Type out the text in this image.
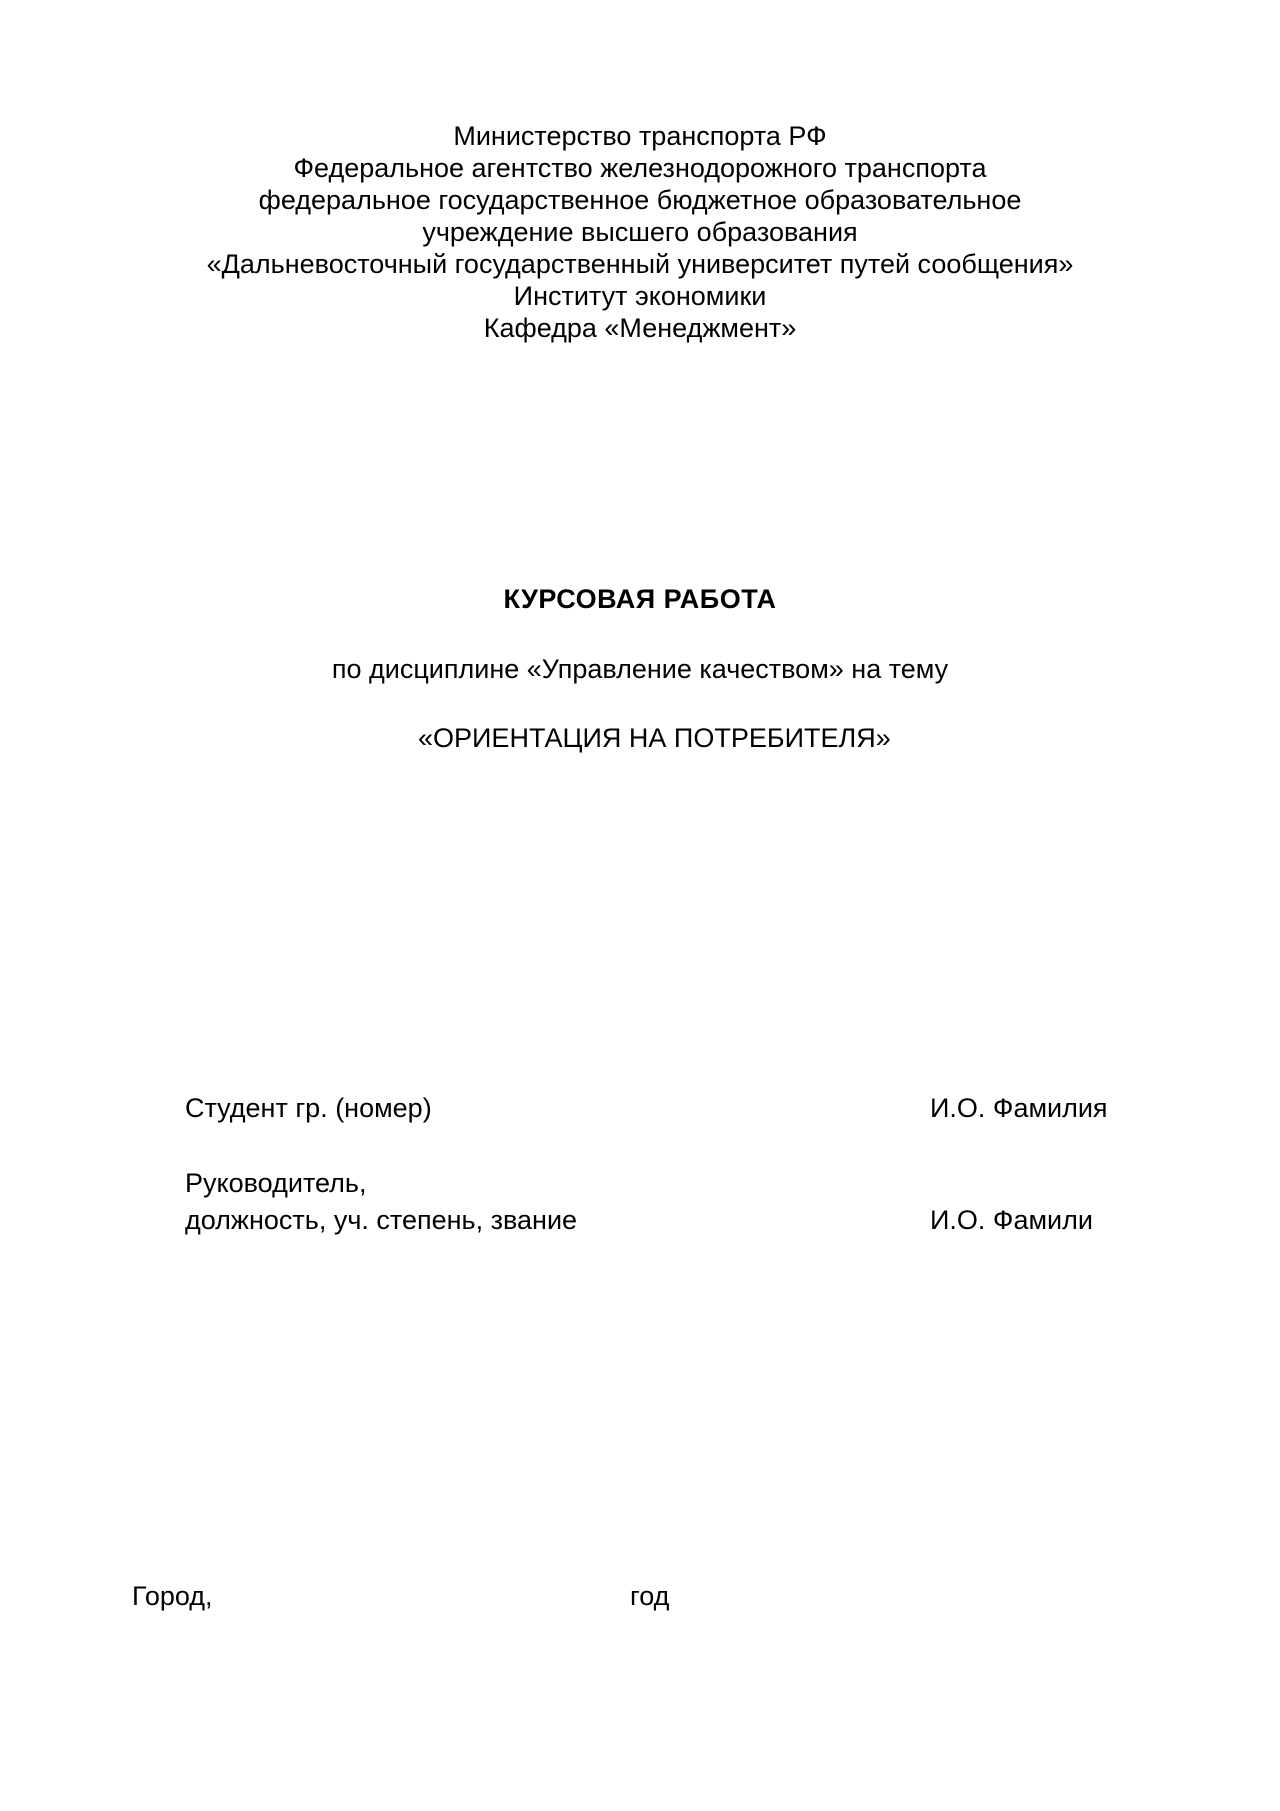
Министерство транспорта РФ
Федеральное агентство железнодорожного транспорта
федеральное государственное бюджетное образовательное
учреждение высшего образования
«Дальневосточный государственный университет путей сообщения»
Институт экономики
Кафедра «Менеджмент»
КУРСОВАЯ РАБОТА
по дисциплине «Управление качеством» на тему
«ОРИЕНТАЦИЯ НА ПОТРЕБИТЕЛЯ»
Студент гр. (номер)	И.О. Фамилия
Руководитель,
должность, уч. степень, звание	И.О. Фамили
Город,	год
